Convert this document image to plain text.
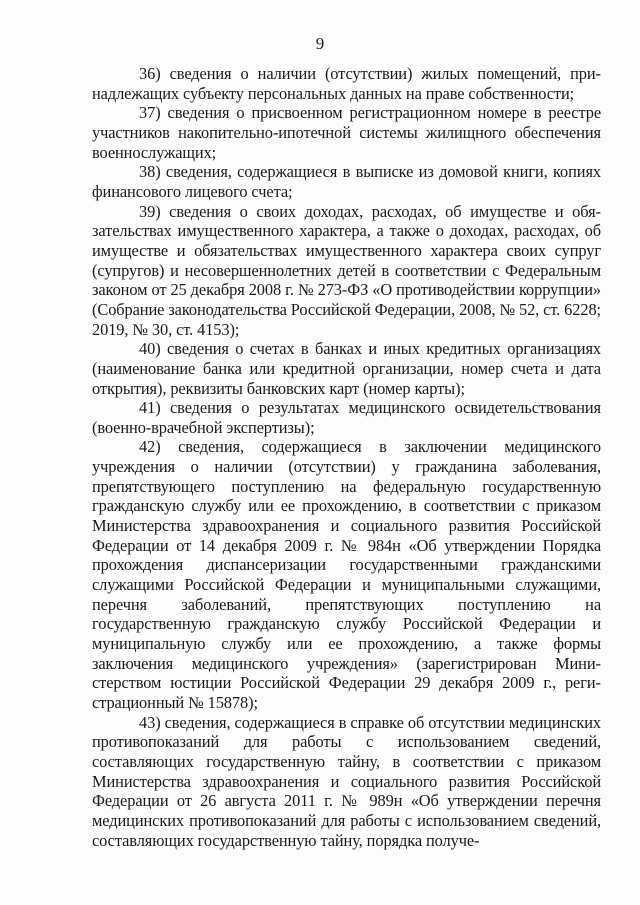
9

36) сведения о наличии (отсутствии) жилых помещений, принадлежащих субъекту персональных данных на праве собственности;

37) сведения о присвоенном регистрационном номере в реестре участников накопительно-ипотечной системы жилищного обеспечения военнослужащих;

38) сведения, содержащиеся в выписке из домовой книги, копиях финансового лицевого счета;

39) сведения о своих доходах, расходах, об имуществе и обязательствах имущественного характера, а также о доходах, расходах, об имуществе и обязательствах имущественного характера своих супруг (супругов) и несовершеннолетних детей в соответствии с Федеральным законом от 25 декабря 2008 г. № 273-ФЗ «О противодействии коррупции» (Собрание законодательства Российской Федерации, 2008, № 52, ст. 6228; 2019, № 30, ст. 4153);

40) сведения о счетах в банках и иных кредитных организациях (наименование банка или кредитной организации, номер счета и дата открытия), реквизиты банковских карт (номер карты);

41) сведения о результатах медицинского освидетельствования (военно-врачебной экспертизы);

42) сведения, содержащиеся в заключении медицинского учреждения о наличии (отсутствии) у гражданина заболевания, препятствующего поступлению на федеральную государственную гражданскую службу или ее прохождению, в соответствии с приказом Министерства здравоохранения и социального развития Российской Федерации от 14 декабря 2009 г. № 984н «Об утверждении Порядка прохождения диспансеризации государственными гражданскими служащими Российской Федерации и муниципальными служащими, перечня заболеваний, препятствующих поступлению на государственную гражданскую службу Российской Федерации и муниципальную службу или ее прохождению, а также формы заключения медицинского учреждения» (зарегистрирован Министерством юстиции Российской Федерации 29 декабря 2009 г., регистрационный № 15878);

43) сведения, содержащиеся в справке об отсутствии медицинских противопоказаний для работы с использованием сведений, составляющих государственную тайну, в соответствии с приказом Министерства здравоохранения и социального развития Российской Федерации от 26 августа 2011 г. № 989н «Об утверждении перечня медицинских противопоказаний для работы с использованием сведений, составляющих государственную тайну, порядка получе-
